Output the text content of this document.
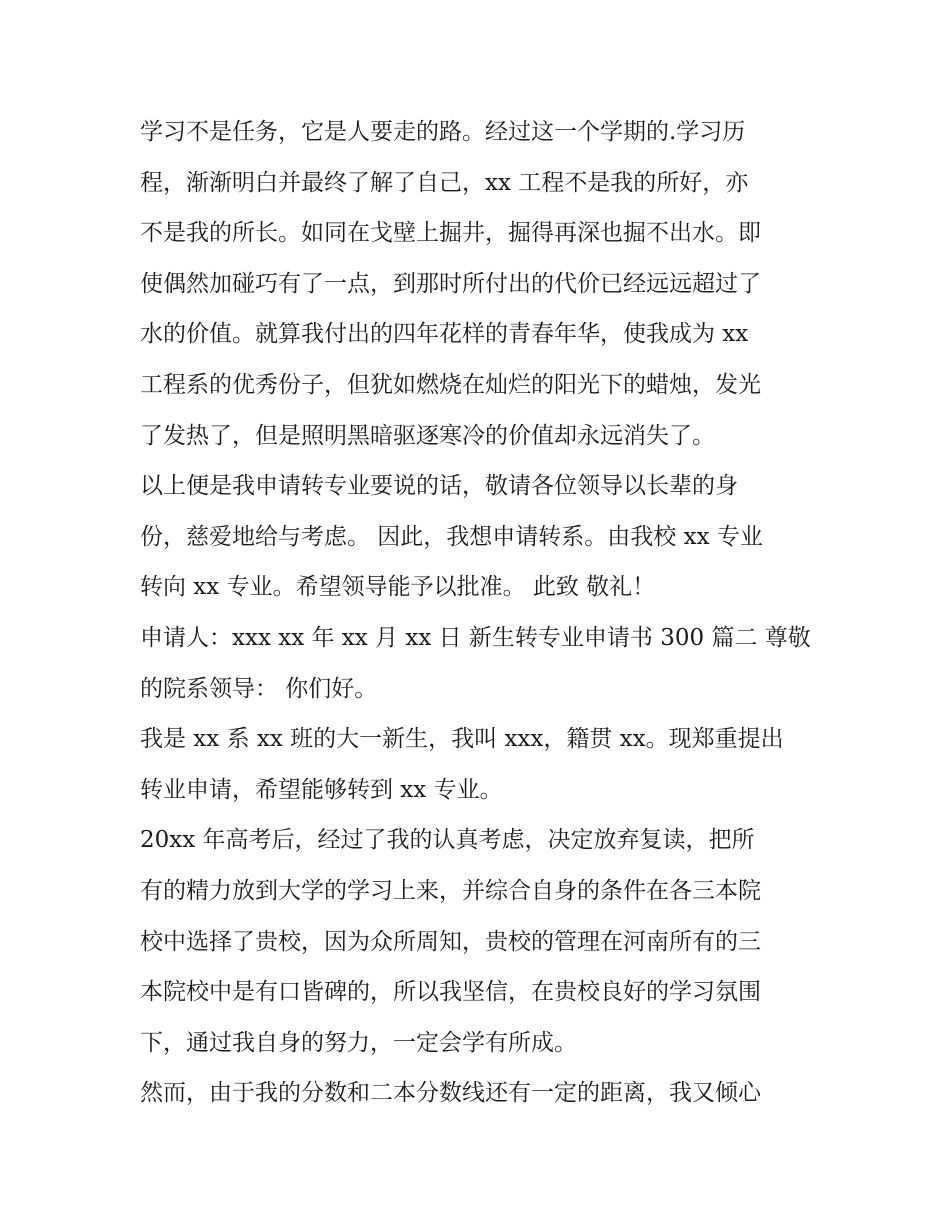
学习不是任务，它是人要走的路。经过这一个学期的.学习历
程，渐渐明白并最终了解了自己，xx 工程不是我的所好，亦
不是我的所长。如同在戈壁上掘井，掘得再深也掘不出水。即
使偶然加碰巧有了一点，到那时所付出的代价已经远远超过了
水的价值。就算我付出的四年花样的青春年华，使我成为 xx
工程系的优秀份子，但犹如燃烧在灿烂的阳光下的蜡烛，发光
了发热了，但是照明黑暗驱逐寒冷的价值却永远消失了。
以上便是我申请转专业要说的话，敬请各位领导以长辈的身
份，慈爱地给与考虑。 因此，我想申请转系。由我校 xx 专业
转向 xx 专业。希望领导能予以批准。 此致 敬礼！
申请人：xxx xx 年 xx 月 xx 日 新生转专业申请书 300 篇二 尊敬
的院系领导： 你们好。
我是 xx 系 xx 班的大一新生，我叫 xxx，籍贯 xx。现郑重提出
转业申请，希望能够转到 xx 专业。
20xx 年高考后，经过了我的认真考虑，决定放弃复读，把所
有的精力放到大学的学习上来，并综合自身的条件在各三本院
校中选择了贵校，因为众所周知，贵校的管理在河南所有的三
本院校中是有口皆碑的，所以我坚信，在贵校良好的学习氛围
下，通过我自身的努力，一定会学有所成。
然而，由于我的分数和二本分数线还有一定的距离，我又倾心
